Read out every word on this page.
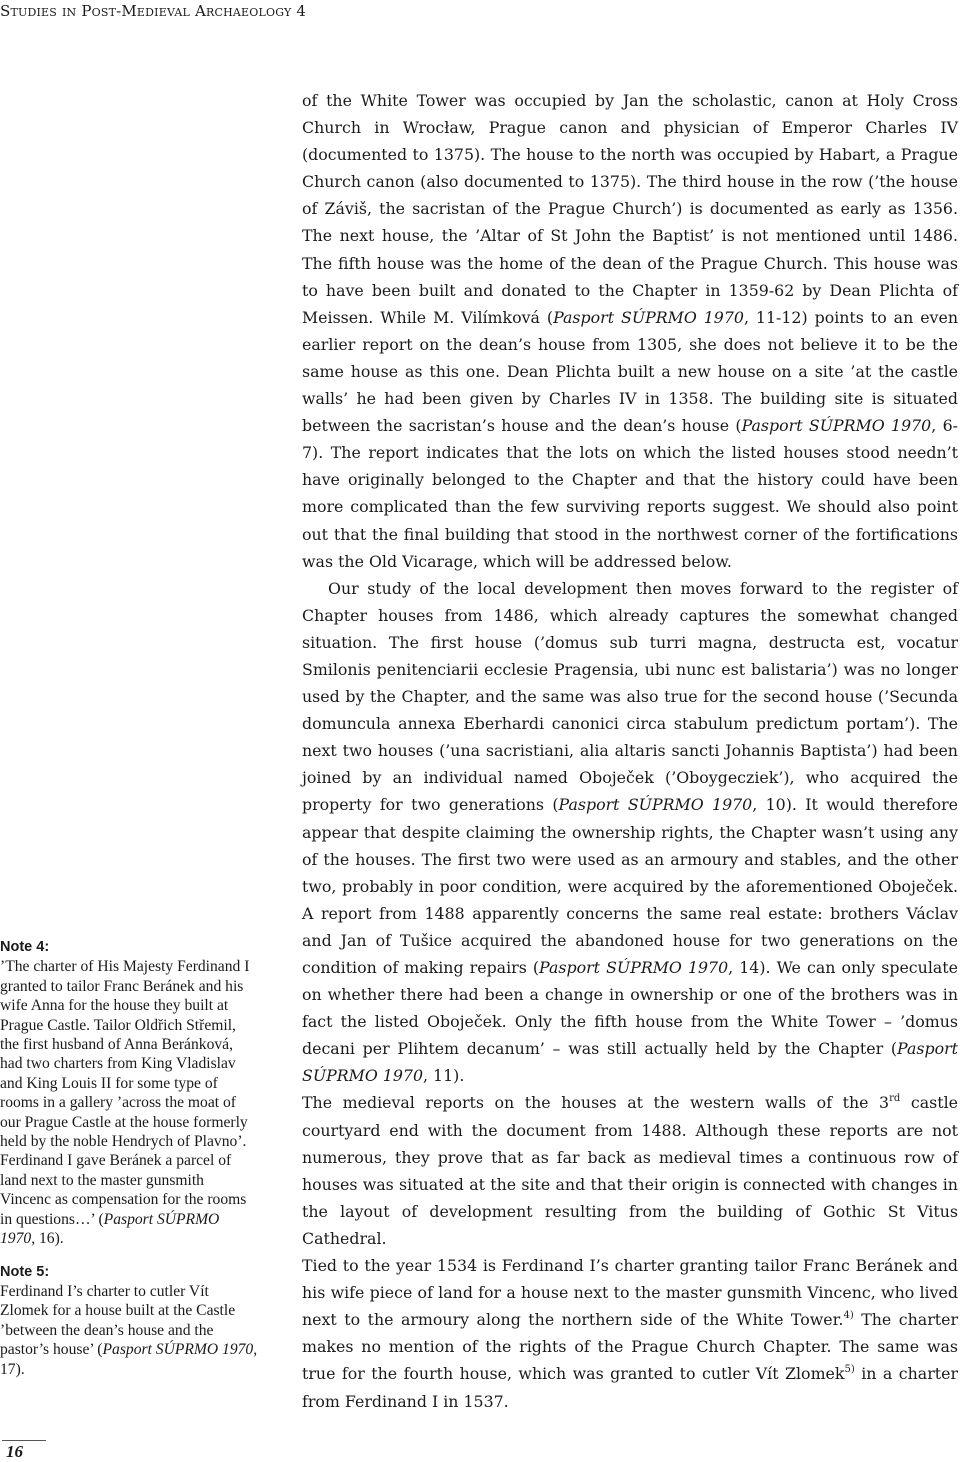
Studies in Post-Medieval Archaeology 4
Note 4:
’The charter of His Majesty Ferdinand I granted to tailor Franc Beránek and his wife Anna for the house they built at Prague Castle. Tailor Oldřich Střemil, the first husband of Anna Beránková, had two charters from King Vladislav and King Louis II for some type of rooms in a gallery ’across the moat of our Prague Castle at the house formerly held by the noble Hendrych of Plavno’. Ferdinand I gave Beránek a parcel of land next to the master gunsmith Vincenc as compensation for the rooms in questions…’ (Pasport SÚPRMO 1970, 16).
Note 5:
Ferdinand I’s charter to cutler Vít Zlomek for a house built at the Castle ’between the dean’s house and the pastor’s house’ (Pasport SÚPRMO 1970, 17).
16

of the White Tower was occupied by Jan the scholastic, canon at Holy Cross Church in Wrocław, Prague canon and physician of Emperor Charles IV (documented to 1375). The house to the north was occupied by Habart, a Prague Church canon (also documented to 1375). The third house in the row (’the house of Záviš, the sacristan of the Prague Church’) is documented as early as 1356. The next house, the ’Altar of St John the Baptist’ is not mentioned until 1486. The fifth house was the home of the dean of the Prague Church. This house was to have been built and donated to the Chapter in 1359-62 by Dean Plichta of Meissen. While M. Vilímková (Pasport SÚPRMO 1970, 11-12) points to an even earlier report on the dean’s house from 1305, she does not believe it to be the same house as this one. Dean Plichta built a new house on a site ’at the castle walls’ he had been given by Charles IV in 1358. The building site is situated between the sacristan’s house and the dean’s house (Pasport SÚPRMO 1970, 6-7). The report indicates that the lots on which the listed houses stood needn’t have originally belonged to the Chapter and that the history could have been more complicated than the few surviving reports suggest. We should also point out that the final building that stood in the northwest corner of the fortifications was the Old Vicarage, which will be addressed below.

Our study of the local development then moves forward to the register of Chapter houses from 1486, which already captures the somewhat changed situation. The first house (’domus sub turri magna, destructa est, vocatur Smilonis penitenciarii ecclesie Pragensia, ubi nunc est balistaria’) was no longer used by the Chapter, and the same was also true for the second house (’Secunda domuncula annexa Eberhardi canonici circa stabulum predictum portam’). The next two houses (’una sacristiani, alia altaris sancti Johannis Baptista’) had been joined by an individual named Oboječek (’Oboygecziek’), who acquired the property for two generations (Pasport SÚPRMO 1970, 10). It would therefore appear that despite claiming the ownership rights, the Chapter wasn’t using any of the houses. The first two were used as an armoury and stables, and the other two, probably in poor condition, were acquired by the aforementioned Oboječek. A report from 1488 apparently concerns the same real estate: brothers Václav and Jan of Tušice acquired the abandoned house for two generations on the condition of making repairs (Pasport SÚPRMO 1970, 14). We can only speculate on whether there had been a change in ownership or one of the brothers was in fact the listed Oboječek. Only the fifth house from the White Tower – ’domus decani per Plihtem decanum’ – was still actually held by the Chapter (Pasport SÚPRMO 1970, 11).

The medieval reports on the houses at the western walls of the 3rd castle courtyard end with the document from 1488. Although these reports are not numerous, they prove that as far back as medieval times a continuous row of houses was situated at the site and that their origin is connected with changes in the layout of development resulting from the building of Gothic St Vitus Cathedral.

Tied to the year 1534 is Ferdinand I’s charter granting tailor Franc Beránek and his wife piece of land for a house next to the master gunsmith Vincenc, who lived next to the armoury along the northern side of the White Tower.$^{4)}$ The charter makes no mention of the rights of the Prague Church Chapter. The same was true for the fourth house, which was granted to cutler Vít Zlomek$^{5)}$ in a charter from Ferdinand I in 1537.
